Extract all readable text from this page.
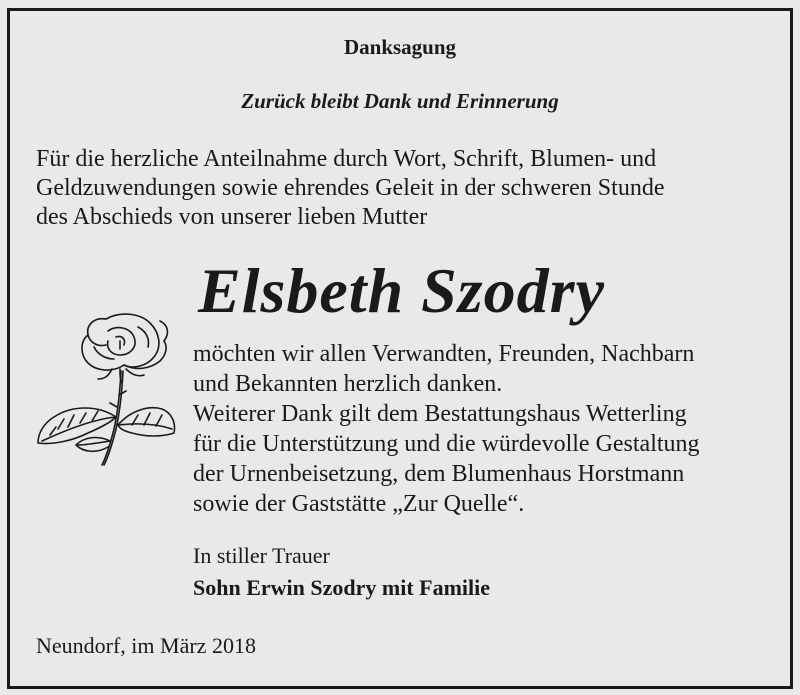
Danksagung
Zurück bleibt Dank und Erinnerung
Für die herzliche Anteilnahme durch Wort, Schrift, Blumen- und
Geldzuwendungen sowie ehrendes Geleit in der schweren Stunde
des Abschieds von unserer lieben Mutter
Elsbeth Szodry
möchten wir allen Verwandten, Freunden, Nachbarn
und Bekannten herzlich danken.
Weiterer Dank gilt dem Bestattungshaus Wetterling
für die Unterstützung und die würdevolle Gestaltung
der Urnenbeisetzung, dem Blumenhaus Horstmann
sowie der Gaststätte „Zur Quelle“.
In stiller Trauer
Sohn Erwin Szodry mit Familie
Neundorf, im März 2018
